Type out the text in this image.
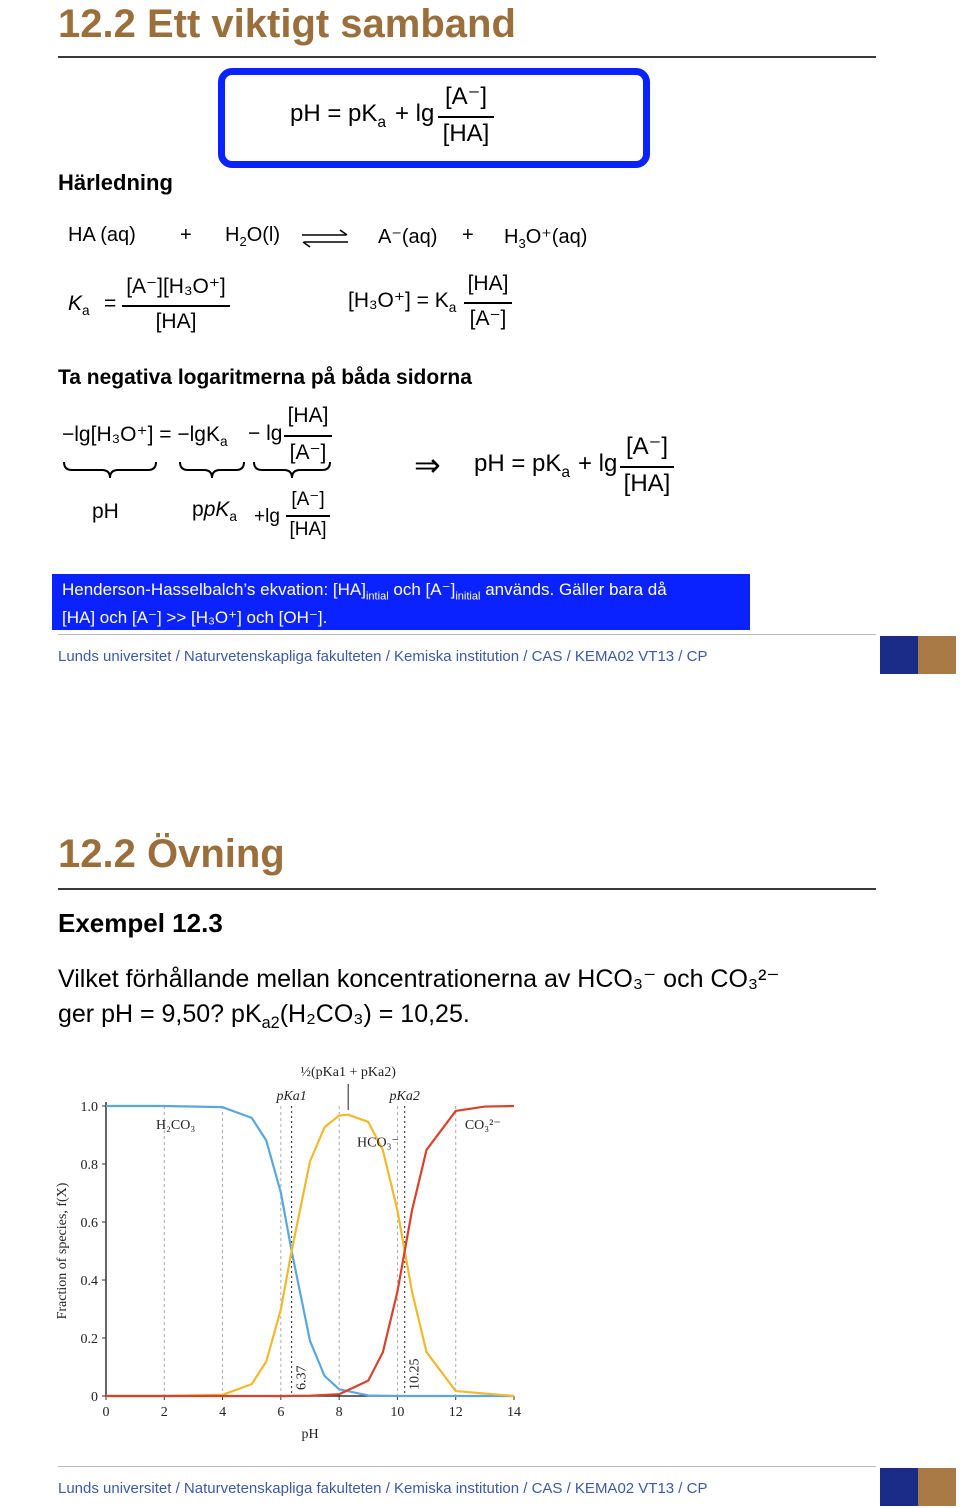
12.2 Ett viktigt samband
pH = $pK_a + \lg$
[A⁻]
[HA]
Härledning
HA $(aq) + H_2O(l)$ ⇌ $A^-(aq) + H_3O^+(aq)$
$K_a$ =
[A⁻][H₃O⁺]
[HA]
$[H_3O^+] = K_a$
[HA]
[A⁻]
Ta negativa logaritmerna på båda sidorna
−lg[H₃O⁺] = −lgK$_a$ − lg
[HA]
[A⁻]
pH	ppK$_a$ +lg
[A⁻]
[HA]
⇒ pH = $pK_a + \lg$
[A⁻]
[HA]
Henderson-Hasselbalch’s ekvation: $[HA]_{intial}$ och $[A^-]_{initial}$ används. Gäller bara då
[HA] och [A⁻] >> [H₃O⁺] och [OH⁻].
Lunds universitet / Naturvetenskapliga fakulteten / Kemiska institution / CAS / KEMA02 VT13 / CP
12.2 Övning
Exempel 12.3
Vilket förhållande mellan koncentrationerna av HCO₃⁻ och CO₃²⁻
ger pH = 9,50? $pK_{a2}(H_2CO_3) = 10,25$.
0	2	4	6	8	10	12	14
0
0.2
0.4
0.6
0.8
1.0
pH
Fraction of species, f(X)
6.37
pKa1
10.25
pKa2
½(pKa1 + pKa2)
H₂CO₃
HCO₃⁻
CO₃²⁻
Lunds universitet / Naturvetenskapliga fakulteten / Kemiska institution / CAS / KEMA02 VT13 / CP
